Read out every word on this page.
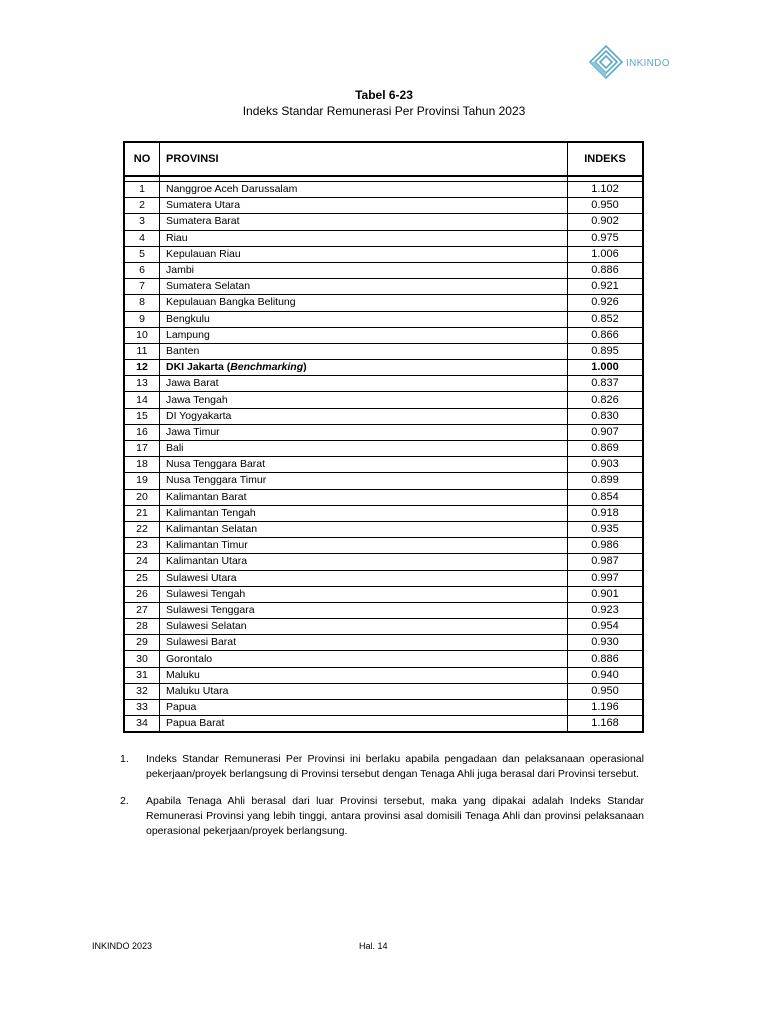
INKINDO
Tabel 6-23
Indeks Standar Remunerasi Per Provinsi Tahun 2023
NO	PROVINSI	INDEKS

1	Nanggroe Aceh Darussalam	1.102
2	Sumatera Utara	0.950
3	Sumatera Barat	0.902
4	Riau	0.975
5	Kepulauan Riau	1.006
6	Jambi	0.886
7	Sumatera Selatan	0.921
8	Kepulauan Bangka Belitung	0.926
9	Bengkulu	0.852
10	Lampung	0.866
11	Banten	0.895
12	DKI Jakarta (Benchmarking)	1.000
13	Jawa Barat	0.837
14	Jawa Tengah	0.826
15	DI Yogyakarta	0.830
16	Jawa Timur	0.907
17	Bali	0.869
18	Nusa Tenggara Barat	0.903
19	Nusa Tenggara Timur	0.899
20	Kalimantan Barat	0.854
21	Kalimantan Tengah	0.918
22	Kalimantan Selatan	0.935
23	Kalimantan Timur	0.986
24	Kalimantan Utara	0.987
25	Sulawesi Utara	0.997
26	Sulawesi Tengah	0.901
27	Sulawesi Tenggara	0.923
28	Sulawesi Selatan	0.954
29	Sulawesi Barat	0.930
30	Gorontalo	0.886
31	Maluku	0.940
32	Maluku Utara	0.950
33	Papua	1.196
34	Papua Barat	1.168
1.	Indeks Standar Remunerasi Per Provinsi ini berlaku apabila pengadaan dan pelaksanaan operasional pekerjaan/proyek berlangsung di Provinsi tersebut dengan Tenaga Ahli juga berasal dari Provinsi tersebut.
2.	Apabila Tenaga Ahli berasal dari luar Provinsi tersebut, maka yang dipakai adalah Indeks Standar Remunerasi Provinsi yang lebih tinggi, antara provinsi asal domisili Tenaga Ahli dan provinsi pelaksanaan operasional pekerjaan/proyek berlangsung.
INKINDO 2023	Hal. 14
